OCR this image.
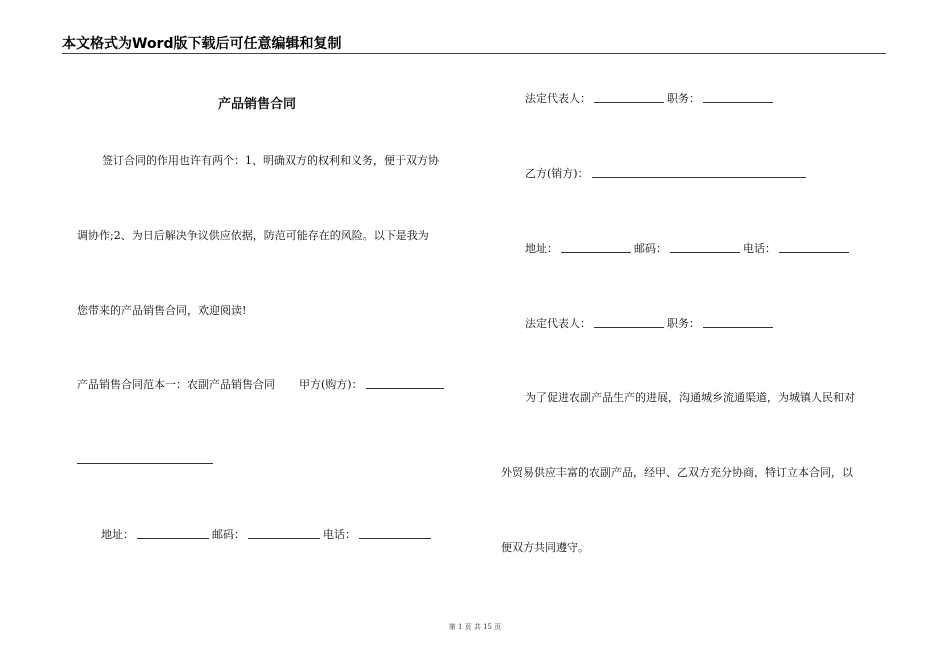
本文格式为Word版下载后可任意编辑和复制
产品销售合同
签订合同的作用也许有两个：1、明确双方的权利和义务，便于双方协
调协作;2、为日后解决争议供应依据，防范可能存在的风险。以下是我为
您带来的产品销售合同，欢迎阅读!
产品销售合同范本一：农副产品销售合同 甲方(购方)：
地址：	邮码：	电话：
法定代表人：	职务：
乙方(销方)：
地址：	邮码：	电话：
法定代表人：	职务：
为了促进农副产品生产的进展，沟通城乡流通渠道，为城镇人民和对
外贸易供应丰富的农副产品，经甲、乙双方充分协商，特订立本合同，以
便双方共同遵守。
第 1 页 共 15 页
